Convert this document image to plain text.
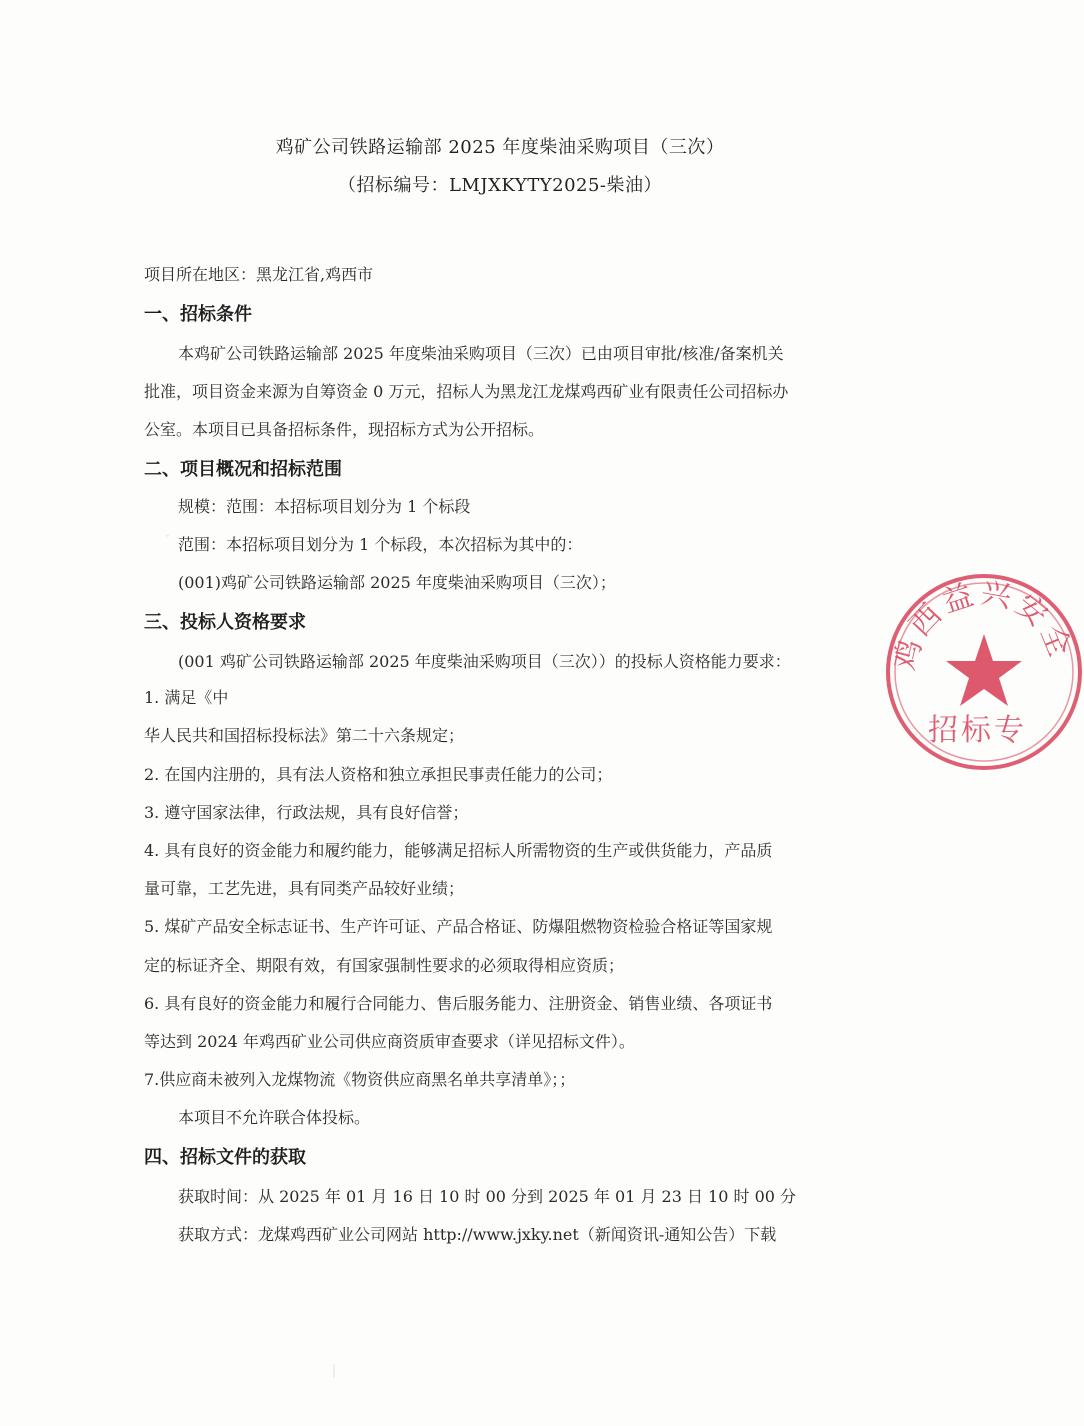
鸡矿公司铁路运输部 2025 年度柴油采购项目（三次）
（招标编号：LMJXKYTY2025-柴油）
项目所在地区：黑龙江省,鸡西市
一、招标条件
本鸡矿公司铁路运输部 2025 年度柴油采购项目（三次）已由项目审批/核准/备案机关
批准，项目资金来源为自筹资金 0 万元，招标人为黑龙江龙煤鸡西矿业有限责任公司招标办
公室。本项目已具备招标条件，现招标方式为公开招标。
二、项目概况和招标范围
规模：范围：本招标项目划分为 1 个标段
范围：本招标项目划分为 1 个标段，本次招标为其中的：
(001)鸡矿公司铁路运输部 2025 年度柴油采购项目（三次）；
三、投标人资格要求
(001 鸡矿公司铁路运输部 2025 年度柴油采购项目（三次））的投标人资格能力要求：
1. 满足《中
华人民共和国招标投标法》第二十六条规定；
2. 在国内注册的，具有法人资格和独立承担民事责任能力的公司；
3. 遵守国家法律，行政法规，具有良好信誉；
4. 具有良好的资金能力和履约能力，能够满足招标人所需物资的生产或供货能力，产品质
量可靠，工艺先进，具有同类产品较好业绩；
5. 煤矿产品安全标志证书、生产许可证、产品合格证、防爆阻燃物资检验合格证等国家规
定的标证齐全、期限有效，有国家强制性要求的必须取得相应资质；
6. 具有良好的资金能力和履行合同能力、售后服务能力、注册资金、销售业绩、各项证书
等达到 2024 年鸡西矿业公司供应商资质审查要求（详见招标文件）。
7.供应商未被列入龙煤物流《物资供应商黑名单共享清单》；；
本项目不允许联合体投标。
四、招标文件的获取
获取时间：从 2025 年 01 月 16 日 10 时 00 分到 2025 年 01 月 23 日 10 时 00 分
获取方式：龙煤鸡西矿业公司网站 http://www.jxky.net（新闻资讯-通知公告）下载
鸡西益兴安全
招标专
